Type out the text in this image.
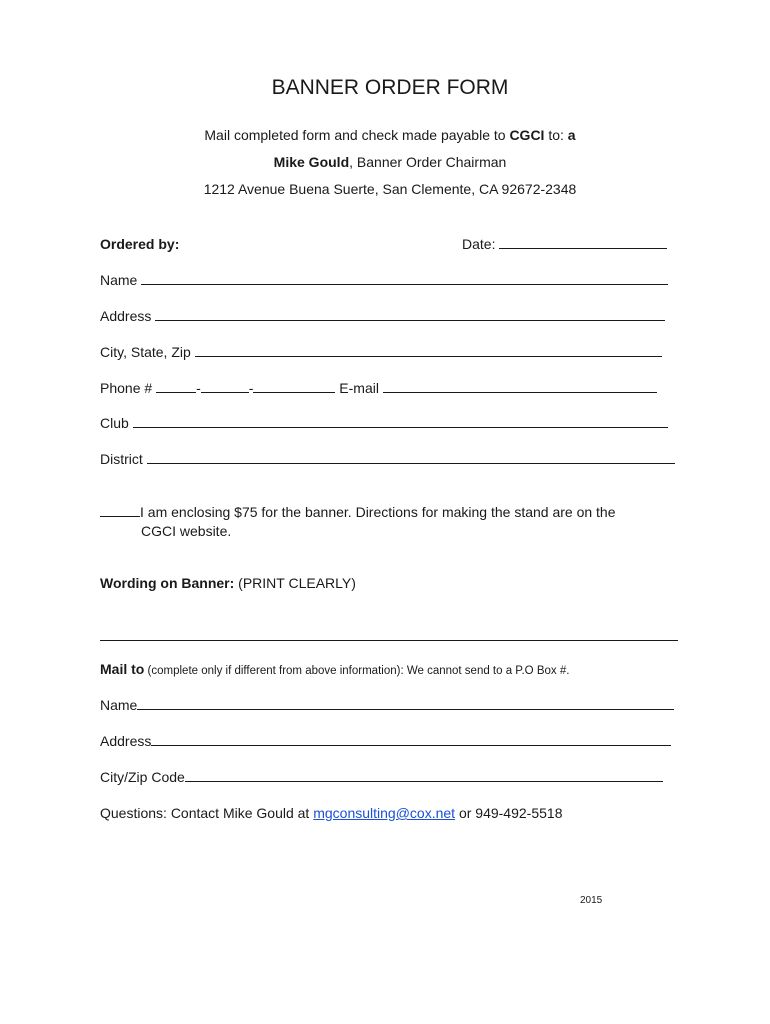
BANNER ORDER FORM
Mail completed form and check made payable to CGCI to: a
Mike Gould, Banner Order Chairman
1212 Avenue Buena Suerte, San Clemente, CA 92672-2348
Ordered by:	Date:
Name
Address
City, State, Zip
Phone #	-	-	E-mail
Club
District
I am enclosing $75 for the banner. Directions for making the stand are on the
CGCI website.
Wording on Banner: (PRINT CLEARLY)
Mail to (complete only if different from above information): We cannot send to a P.O Box #.
Name
Address
City/Zip Code
Questions: Contact Mike Gould at mgconsulting@cox.net or 949-492-5518
2015
